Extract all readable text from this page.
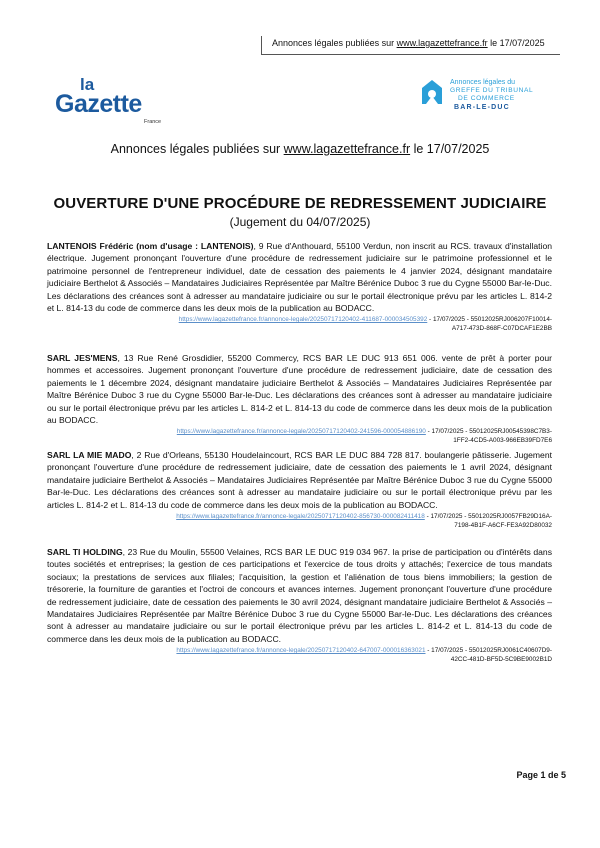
Annonces légales publiées sur www.lagazettefrance.fr le 17/07/2025
la
Gazette
France
Annonces légales du
GREFFE DU TRIBUNAL
DE COMMERCE
BAR-LE-DUC
Annonces légales publiées sur www.lagazettefrance.fr le 17/07/2025
OUVERTURE D'UNE PROCÉDURE DE REDRESSEMENT JUDICIAIRE
(Jugement du 04/07/2025)
LANTENOIS Frédéric (nom d'usage : LANTENOIS), 9 Rue d'Anthouard, 55100 Verdun, non inscrit au RCS. travaux d'installation électrique. Jugement prononçant l'ouverture d'une procédure de redressement judiciaire sur le patrimoine professionnel et le patrimoine personnel de l'entrepreneur individuel, date de cessation des paiements le 4 janvier 2024, désignant mandataire judiciaire Berthelot & Associés – Mandataires Judiciaires Représentée par Maître Bérénice Duboc 3 rue du Cygne 55000 Bar-le-Duc. Les déclarations des créances sont à adresser au mandataire judiciaire ou sur le portail électronique prévu par les articles L. 814-2 et L. 814-13 du code de commerce dans les deux mois de la publication au BODACC.
https://www.lagazettefrance.fr/annonce-legale/20250717120402-411687-000034505392 - 17/07/2025 - 55012025RJ006207F10014-
A717-473D-868F-C07DCAF1E2BB
SARL JES'MENS, 13 Rue René Grosdidier, 55200 Commercy, RCS BAR LE DUC 913 651 006. vente de prêt à porter pour hommes et accessoires. Jugement prononçant l'ouverture d'une procédure de redressement judiciaire, date de cessation des paiements le 1 décembre 2024, désignant mandataire judiciaire Berthelot & Associés – Mandataires Judiciaires Représentée par Maître Bérénice Duboc 3 rue du Cygne 55000 Bar-le-Duc. Les déclarations des créances sont à adresser au mandataire judiciaire ou sur le portail électronique prévu par les articles L. 814-2 et L. 814-13 du code de commerce dans les deux mois de la publication au BODACC.
https://www.lagazettefrance.fr/annonce-legale/20250717120402-241596-000054886190 - 17/07/2025 - 55012025RJ00545398C7B3-
1FF2-4CD5-A003-966EB39FD7E6
SARL LA MIE MADO, 2 Rue d'Orleans, 55130 Houdelaincourt, RCS BAR LE DUC 884 728 817. boulangerie pâtisserie. Jugement prononçant l'ouverture d'une procédure de redressement judiciaire, date de cessation des paiements le 1 avril 2024, désignant mandataire judiciaire Berthelot & Associés – Mandataires Judiciaires Représentée par Maître Bérénice Duboc 3 rue du Cygne 55000 Bar-le-Duc. Les déclarations des créances sont à adresser au mandataire judiciaire ou sur le portail électronique prévu par les articles L. 814-2 et L. 814-13 du code de commerce dans les deux mois de la publication au BODACC.
https://www.lagazettefrance.fr/annonce-legale/20250717120402-856730-000082411418 - 17/07/2025 - 55012025RJ0057FB29D16A-
7198-4B1F-A6CF-FE3A92D80032
SARL TI HOLDING, 23 Rue du Moulin, 55500 Velaines, RCS BAR LE DUC 919 034 967. la prise de participation ou d'intérêts dans toutes sociétés et entreprises; la gestion de ces participations et l'exercice de tous droits y attachés; l'exercice de tous mandats sociaux; la prestations de services aux filiales; l'acquisition, la gestion et l'aliénation de tous biens immobiliers; la gestion de trésorerie, la fourniture de garanties et l'octroi de concours et avances internes. Jugement prononçant l'ouverture d'une procédure de redressement judiciaire, date de cessation des paiements le 30 avril 2024, désignant mandataire judiciaire Berthelot & Associés – Mandataires Judiciaires Représentée par Maître Bérénice Duboc 3 rue du Cygne 55000 Bar-le-Duc. Les déclarations des créances sont à adresser au mandataire judiciaire ou sur le portail électronique prévu par les articles L. 814-2 et L. 814-13 du code de commerce dans les deux mois de la publication au BODACC.
https://www.lagazettefrance.fr/annonce-legale/20250717120402-647007-000016363021 - 17/07/2025 - 55012025RJ0061C40607D9-
42CC-481D-BF5D-5C9BE9002B1D
Page 1 de 5
